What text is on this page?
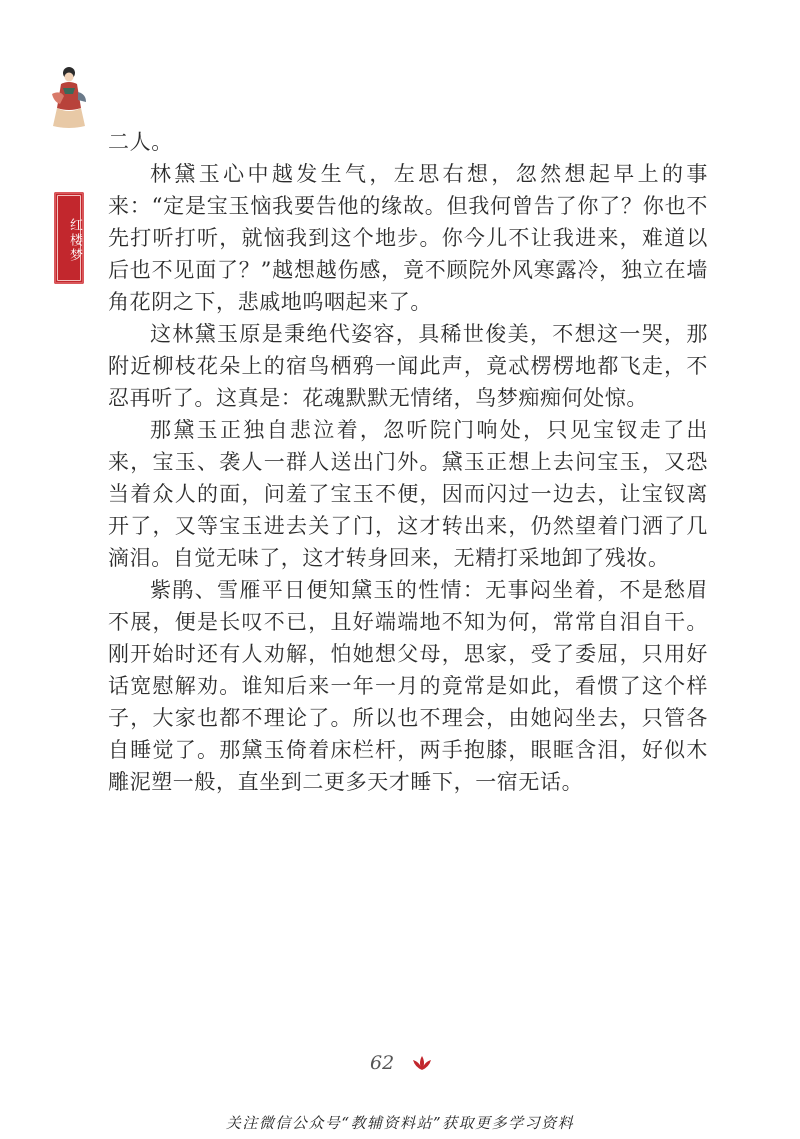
红楼梦

二人。

林黛玉心中越发生气，左思右想，忽然想起早上的事来：“定是宝玉恼我要告他的缘故。但我何曾告了你了？你也不先打听打听，就恼我到这个地步。你今儿不让我进来，难道以后也不见面了？”越想越伤感，竟不顾院外风寒露冷，独立在墙角花阴之下，悲戚地呜咽起来了。

这林黛玉原是秉绝代姿容，具稀世俊美，不想这一哭，那附近柳枝花朵上的宿鸟栖鸦一闻此声，竟忒楞楞地都飞走，不忍再听了。这真是：花魂默默无情绪，鸟梦痴痴何处惊。

那黛玉正独自悲泣着，忽听院门响处，只见宝钗走了出来，宝玉、袭人一群人送出门外。黛玉正想上去问宝玉，又恐当着众人的面，问羞了宝玉不便，因而闪过一边去，让宝钗离开了，又等宝玉进去关了门，这才转出来，仍然望着门洒了几滴泪。自觉无味了，这才转身回来，无精打采地卸了残妆。

紫鹃、雪雁平日便知黛玉的性情：无事闷坐着，不是愁眉不展，便是长叹不已，且好端端地不知为何，常常自泪自干。刚开始时还有人劝解，怕她想父母，思家，受了委屈，只用好话宽慰解劝。谁知后来一年一月的竟常是如此，看惯了这个样子，大家也都不理论了。所以也不理会，由她闷坐去，只管各自睡觉了。那黛玉倚着床栏杆，两手抱膝，眼眶含泪，好似木雕泥塑一般，直坐到二更多天才睡下，一宿无话。

62
关注微信公众号“教辅资料站”获取更多学习资料
